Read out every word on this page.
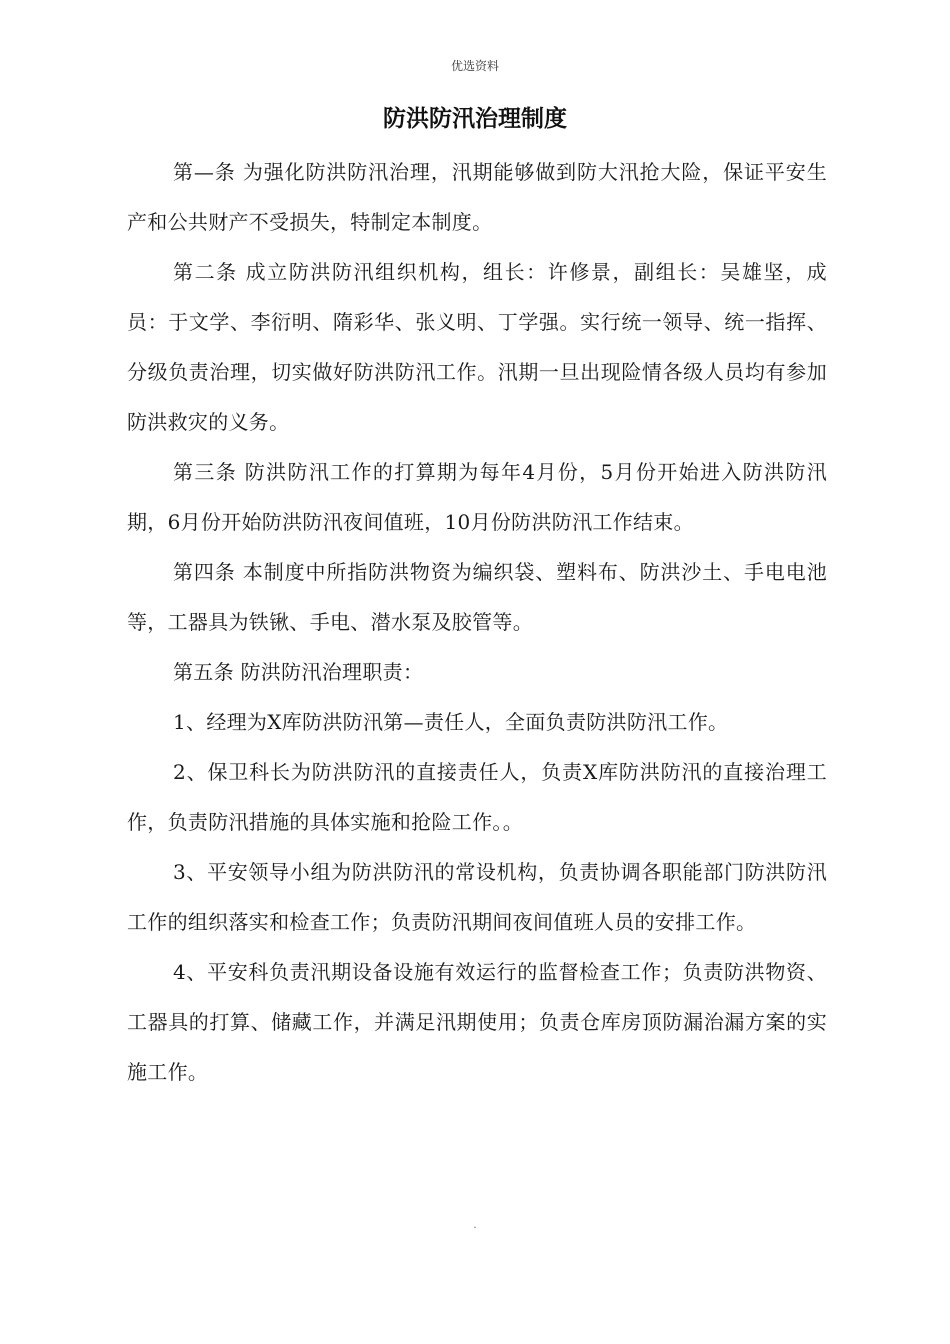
优选资料
防洪防汛治理制度

第—条 为强化防洪防汛治理，汛期能够做到防大汛抢大险，保证平安生产和公共财产不受损失，特制定本制度。

第二条 成立防洪防汛组织机构，组长：许修景，副组长：吴雄坚，成员：于文学、李衍明、隋彩华、张义明、丁学强。实行统一领导、统一指挥、分级负责治理，切实做好防洪防汛工作。汛期一旦出现险情各级人员均有参加防洪救灾的义务。

第三条 防洪防汛工作的打算期为每年4月份，5月份开始进入防洪防汛期，6月份开始防洪防汛夜间值班，10月份防洪防汛工作结束。

第四条 本制度中所指防洪物资为编织袋、塑料布、防洪沙土、手电电池等，工器具为铁锹、手电、潜水泵及胶管等。

第五条 防洪防汛治理职责：

1、经理为X库防洪防汛第—责任人，全面负责防洪防汛工作。

2、保卫科长为防洪防汛的直接责任人，负责X库防洪防汛的直接治理工作，负责防汛措施的具体实施和抢险工作。。

3、平安领导小组为防洪防汛的常设机构，负责协调各职能部门防洪防汛工作的组织落实和检查工作；负责防汛期间夜间值班人员的安排工作。

4、平安科负责汛期设备设施有效运行的监督检查工作；负责防洪物资、工器具的打算、储藏工作，并满足汛期使用；负责仓库房顶防漏治漏方案的实施工作。

.
